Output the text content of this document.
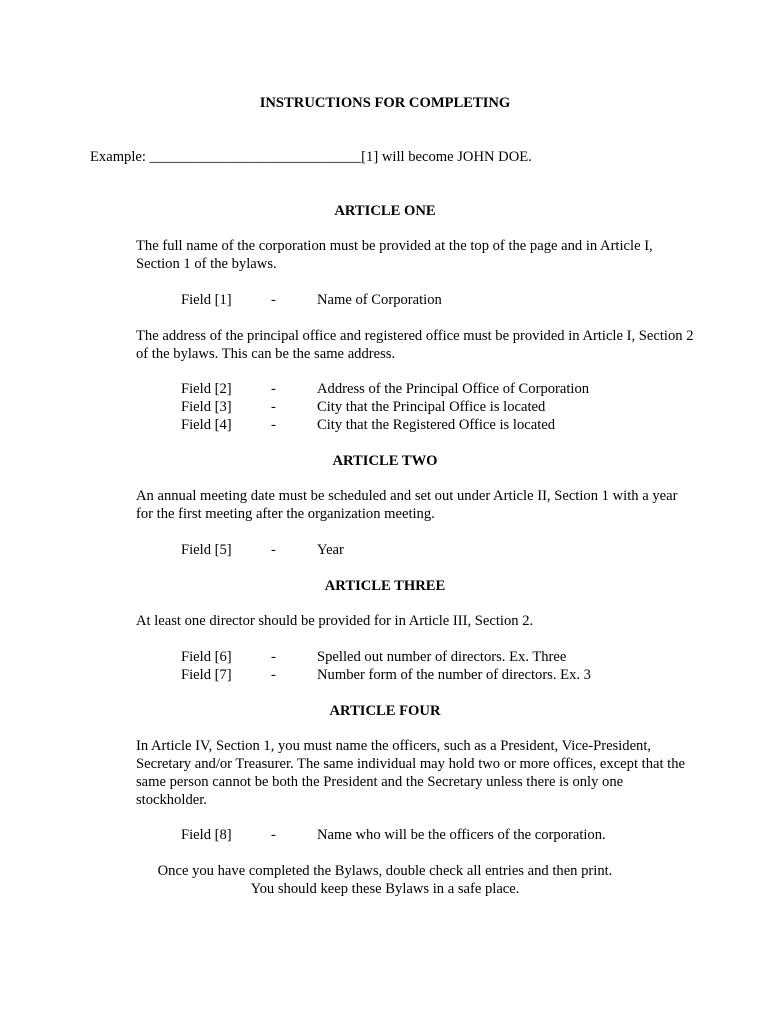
INSTRUCTIONS FOR COMPLETING
Example: _____________________________[1] will become JOHN DOE.
ARTICLE ONE
The full name of the corporation must be provided at the top of the page and in Article I, Section 1 of the bylaws.
Field [1]	-	Name of Corporation
The address of the principal office and registered office must be provided in Article I, Section 2 of the bylaws. This can be the same address.
Field [2]	-	Address of the Principal Office of Corporation
Field [3]	-	City that the Principal Office is located
Field [4]	-	City that the Registered Office is located
ARTICLE TWO
An annual meeting date must be scheduled and set out under Article II, Section 1 with a year for the first meeting after the organization meeting.
Field [5]	-	Year
ARTICLE THREE
At least one director should be provided for in Article III, Section 2.
Field [6]	-	Spelled out number of directors. Ex. Three
Field [7]	-	Number form of the number of directors. Ex. 3
ARTICLE FOUR
In Article IV, Section 1, you must name the officers, such as a President, Vice-President, Secretary and/or Treasurer. The same individual may hold two or more offices, except that the same person cannot be both the President and the Secretary unless there is only one stockholder.
Field [8]	-	Name who will be the officers of the corporation.
Once you have completed the Bylaws, double check all entries and then print.
You should keep these Bylaws in a safe place.
